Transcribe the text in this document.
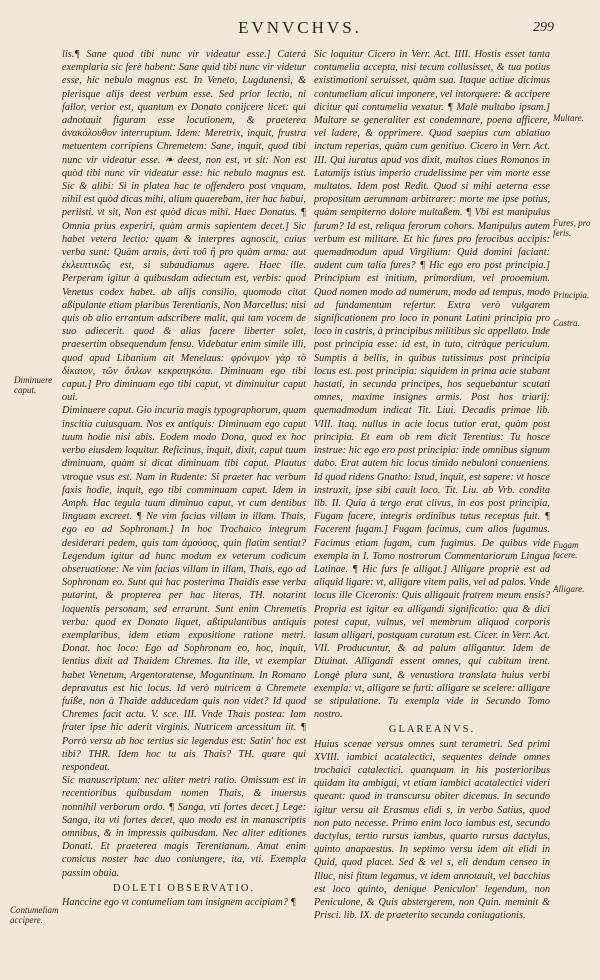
EVNVCHVS.	299

lis.¶ Sane quod tibi nunc vir videatur esse.] Caterá exemplaria sic ferè habent: Sane quid tibi nunc vir videtur esse, hic nebulo magnus est. In Veneto, Lugdunensi, & plerisque alijs deest verbum esse. Sed prior lectio, ni fallor, verior est, quantum ex Donato conijcere licet: qui adnotauit figuram esse locutionem, & praeterea ἀνακόλουθον interruptum. Idem: Meretrix, inquit, frustra metuentem corripiens Chremetem: Sane, inquit, quod tibi nunc vir videatur esse. ❧ deest, non est, vt sit: Non est quòd tibi nunc vir videatur esse: hic nebulo magnus est. Sic & alibi: Si in platea hac te offendero post vnquam, nihil est quòd dicas mihi, alium quaerebam, iter hac habui, periisti. vt sit, Non est quòd dicas mihi. Haec Donatus. ¶ Omnia prius experiri, quàm armis sapientem decet.] Sic habet vetera lectio: quam & interpres agnoscit, cuius verba sunt: Quàm armis, ἀντὶ τοῦ ἢ pro quàm arma: aut ἐκλειπτικῶς est, si subaudiamus agere. Haec ille. Perperam igitur à quibusdam adiectum est, verbis: quod Venetus codex habet. ab alijs consilio, quomodo citat aßipulante etiam plaribus Terentianis, Non Marcellus: nisi quis ob alio errantum adscribere malit, qui tam vocem de suo adiecerit. quod & alias facere liberter solet, praesertim obsequendum fensu. Videbatur enim simile illi, quod apud Libanium ait Menelaus: φρόνιμον γὰρ τὸ δίκαιον, τῶν ὅπλων κεκρατηκότα. Diminuam ego tibi caput.] Pro diminuam ego tibi caput, vt diminuitur caput oui.

Diminuere caput. Gio incuria magis typographorum, quam inscitia cuiusquam. Nos ex antiquis: Diminuam ego caput tuum hodie nisi abis. Eodem modo Dona, quod ex hoc verbo eiusdem loquitur. Reficinus, inquit, dixit, caput tuum diminuam, quàm si dicat diminuam tibi caput. Plautus vtroque vsus est. Nam in Rudente: Si praeter hac verbum faxis hodie, inquit, ego tibi comminuam caput. Idem in Amph. Hac tegula tuum diminuo caput, vt cum dentibus linguam excreet. ¶ Ne vim facias villam in illam. Thais, ego eo ad Sophronam.] In hoc Trochaico integrum desiderari pedem, quis tam ἀμούσος, quin flatim sentiat? Legendum igitur ad hunc modum ex veterum codicum obseruatione: Ne vim facias villam in illam, Thais, ego ad Sophronam eo. Sunt qui hac posterima Thaidis esse verba putarint, & propterea per hac literas, TH. notarint loquentis personam, sed errarunt. Sunt enim Chremetis verba: quod ex Donato liquet, aßtipulantibus antiquis exemplaribus, idem etiam expositione ratione metri. Donat. hoc loco: Ego ad Sophronam eo, hoc, inquit, lentius dixit ad Thaidem Chremes. Ita ille, vt exemplar habet Venetum, Argentoratense, Moguntinum. In Romano depravatus est hic locus. Id verò nutricem à Chremete fuiße, non à Thaide adducedam quis non videt? Id quod Chremes facit actu. V. sce. III. Vnde Thais postea: Iam frater ipse hic aderit virginis. Nutricem arcessitum iit. ¶ Porrò versu ab hoc tertius sic legendus est: Satin' hoc est tibi? THR. Idem hoc tu ais Thais? TH. quare qui respondeat.

Sic manuscriptum: nec aliter metri ratio. Omissum est in recentioribus quibusdam nomen Thais, & inuersus nonnihil verborum ordo. ¶ Sanga, vti fortes decet.] Lege: Sanga, ita vti fortes decet, quo modo est in manuscriptis omnibus, & in impressis quibusdam. Nec aliter editiones Donati. Et praeterea magis Terentianum. Amat enim comicus noster hac duo coniungere, ita, vti. Exempla passim obuia.

DOLETI OBSERVATIO.

Hanccine ego vt contumeliam tam insignem accipiam? ¶

Sic loquitur Cicero in Verr. Act. IIII. Hostis esset tanta contumelia accepta, nisi tecum collusisset, & tua potius existimationi seruisset, quàm sua. Itaque actiue dicimus contumeliam alicui imponere, vel intorquere: & accipere dicitur qui contumelia vexatur. ¶ Malè multabo ipsam.] Multare se generaliter est condemnare, poena afficere, vel ladere, & opprimere. Quod saepius cum ablatiuo inctum reperias, quàm cum genitiuo. Cicero in Verr. Act. III. Qui iuratus apud vos dixit, multos ciues Romanos in Latumijs istius imperio crudelissime per vim morte esse multatos. Idem post Redit. Quod si mihi aeterna esse propositum aerumnam arbitrarer: morte me ipse potius, quàm sempiterno dolore multaßem. ¶ Vbi est manipulus furum? Id est, reliqua ferorum cohors. Manipulus autem verbum est militare. Et hic fures pro ferocibus accipis: quemadmodum apud Virgilium: Quid domini faciant: audent cum talia fures? ¶ Hic ego ero post principia.] Principium est initium, primordium, vel prooemium. Quod nomen modo ad numerum, modo ad tempus, modo ad fundamentum refertur. Extra verò vulgarem significationem pro loco in ponunt Latini principia pro loco in castris, à principibus militibus sic appellato. Inde post principia esse: id est, in tuto, citràque periculum. Sumptis à bellis, in quibus tutissimus post principia locus est. post principia: siquidem in prima acie stabant hastati, in secunda principes, hos sequebantur scutati omnes, maxime insignes armis. Post hos triarij: quemadmodum indicat Tit. Liui. Decadis primae lib. VIII. Itaq. nullus in acie locus tutior erat, quàm post principia. Et eam ob rem dicit Terentius: Tu hosce instrue: hic ego ero post principia: inde omnibus signum dabo. Erat autem hic locus timido nebuloni conueniens. Id quod ridens Gnatho: Istud, inquit, est sapere: vt hosce instruxit, ipse sibi cauit loco. Tit. Liu. ab Vrb. condita lib. II. Quia à tergo erat clivus, in eos post principia, Fugam facere, integris ordinibus tutus receptus fuit. ¶ Facerent fugam.] Fugam facimus, cum alios fugamus. Facimus etiam fugam, cum fugimus. De quibus vide exempla in I. Tomo nostrorum Commentariorum Lingua Latinae. ¶ Hic furs fe alligat.] Alligare propriè est ad aliquid ligare: vt, alligare vitem palis, vel ad palos. Vnde locus ille Ciceronis: Quis alligauit fratrem meum ensis? Propria est igitur ea alligandi significatio: qua & dici potest caput, vulnus, vel membrum aliquod corporis lasum alligari, postquam curatum est. Cicer. in Verr. Act. VII. Producuntur, & ad palum alligantur. Idem de Diuinat. Alligandi essent omnes, qui cubitum irent. Longè plura sunt, & venustiora translata huius verbi exempla: vt, alligare se furti: alligare se scelere: alligare se stipulatione. Tu exempla vide in Secundo Tomo nostro.

GLAREANVS.

Huius scenae versus omnes sunt terametri. Sed primi XVIII. iambici acatalectici, sequentes deinde omnes trochaici catalectici. quanquam in his posterioribus quidam ita ambigui, vt etiam iambici acatalectici videri queant: quod in transcursu obiter dicemus. In secundo igitur versu ait Erasmus elidi s, in verbo Satius, quod non puto necesse. Primo enim loco iambus est, secundo dactylus, tertio rursus iambus, quarto rursus dactylus, quinto anapaestus. In septimo versu idem ait elidi in Quid, quod placet. Sed & vel s, eli dendum censeo in Illuc, nisi fitum legamus, vt idem annotauit, vel bacchius est loco quinto, denique Peniculon' legendum, non Peniculone, & Quis abstergerem, non Quin. meminit & Prisci. lib. IX. de praeterito secunda coniugationis.

Diminuere caput.
Contumeliam accipere.
Multare.
Fures, pro feris.
Principia.
Castra.
Fugam facere.
Alligare.
